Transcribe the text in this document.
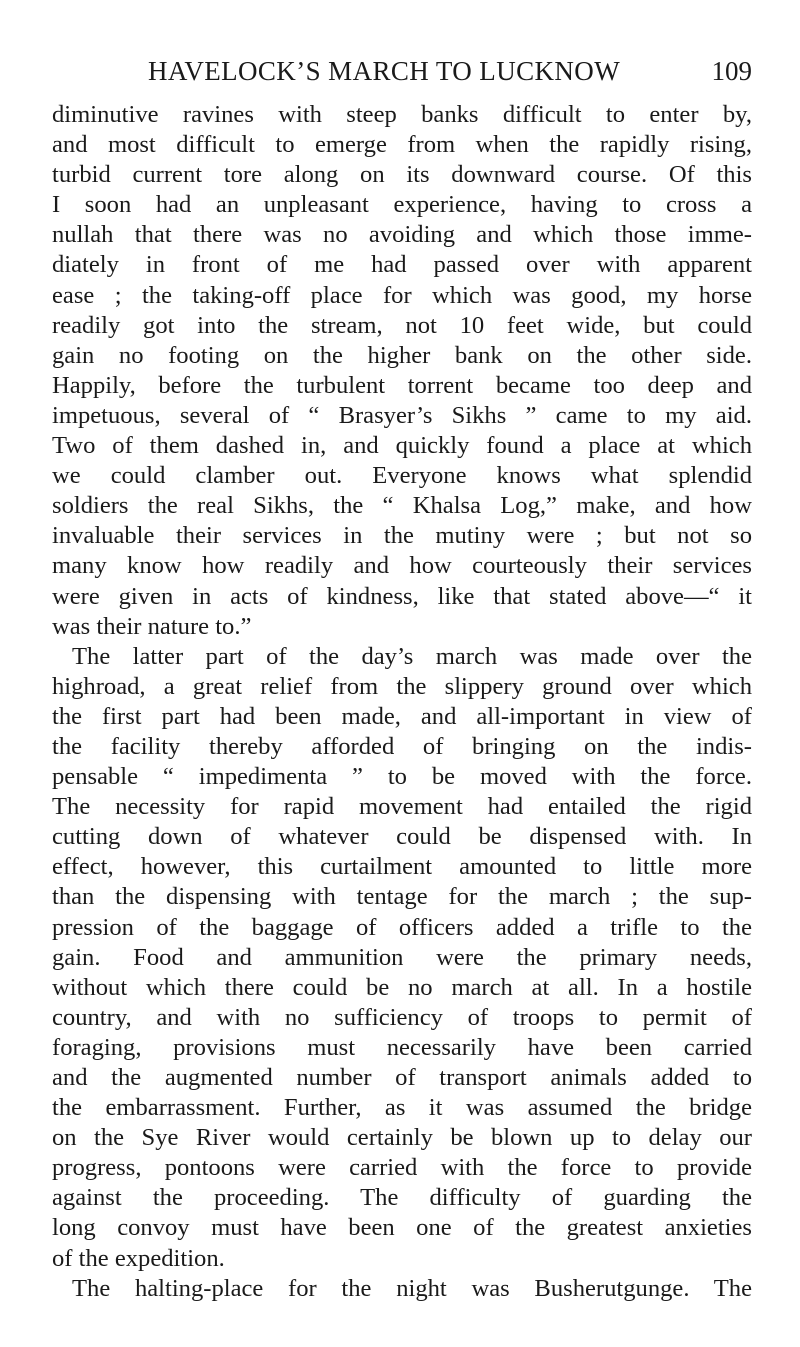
HAVELOCK’S MARCH TO LUCKNOW	109
diminutive ravines with steep banks difficult to enter by,
and most difficult to emerge from when the rapidly rising,
turbid current tore along on its downward course. Of this
I soon had an unpleasant experience, having to cross a
nullah that there was no avoiding and which those imme-
diately in front of me had passed over with apparent
ease ; the taking-off place for which was good, my horse
readily got into the stream, not 10 feet wide, but could
gain no footing on the higher bank on the other side.
Happily, before the turbulent torrent became too deep and
impetuous, several of “ Brasyer’s Sikhs ” came to my aid.
Two of them dashed in, and quickly found a place at which
we could clamber out. Everyone knows what splendid
soldiers the real Sikhs, the “ Khalsa Log,” make, and how
invaluable their services in the mutiny were ; but not so
many know how readily and how courteously their services
were given in acts of kindness, like that stated above—“ it
was their nature to.”
The latter part of the day’s march was made over the
highroad, a great relief from the slippery ground over which
the first part had been made, and all-important in view of
the facility thereby afforded of bringing on the indis-
pensable “ impedimenta ” to be moved with the force.
The necessity for rapid movement had entailed the rigid
cutting down of whatever could be dispensed with. In
effect, however, this curtailment amounted to little more
than the dispensing with tentage for the march ; the sup-
pression of the baggage of officers added a trifle to the
gain. Food and ammunition were the primary needs,
without which there could be no march at all. In a hostile
country, and with no sufficiency of troops to permit of
foraging, provisions must necessarily have been carried
and the augmented number of transport animals added to
the embarrassment. Further, as it was assumed the bridge
on the Sye River would certainly be blown up to delay our
progress, pontoons were carried with the force to provide
against the proceeding. The difficulty of guarding the
long convoy must have been one of the greatest anxieties
of the expedition.
The halting-place for the night was Busherutgunge. The
